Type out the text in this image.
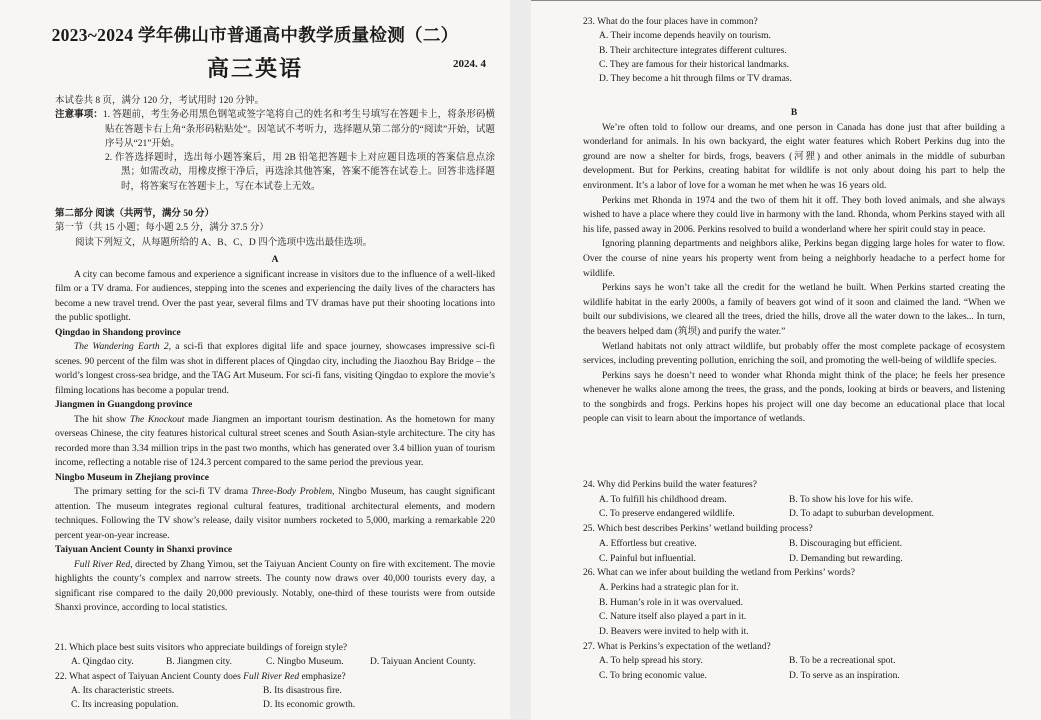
2023~2024 学年佛山市普通高中教学质量检测（二）
高三英语	2024. 4

本试卷共 8 页，满分 120 分，考试用时 120 分钟。

注意事项：1. 答题前，考生务必用黑色钢笔或签字笔将自己的姓名和考生号填写在答题卡上，将条形码横贴在答题卡右上角“条形码粘贴处”。因笔试不考听力，选择题从第二部分的“阅读”开始，试题序号从“21”开始。

2. 作答选择题时，选出每小题答案后，用 2B 铅笔把答题卡上对应题目选项的答案信息点涂黑；如需改动，用橡皮擦干净后，再选涂其他答案，答案不能答在试卷上。回答非选择题时，将答案写在答题卡上，写在本试卷上无效。

第二部分 阅读（共两节，满分 50 分）

第一节（共 15 小题；每小题 2.5 分，满分 37.5 分）

阅读下列短文，从每题所给的 A、B、C、D 四个选项中选出最佳选项。

A

A city can become famous and experience a significant increase in visitors due to the influence of a well-liked film or a TV drama. For audiences, stepping into the scenes and experiencing the daily lives of the characters has become a new travel trend. Over the past year, several films and TV dramas have put their shooting locations into the public spotlight.

Qingdao in Shandong province

The Wandering Earth 2, a sci-fi that explores digital life and space journey, showcases impressive sci-fi scenes. 90 percent of the film was shot in different places of Qingdao city, including the Jiaozhou Bay Bridge – the world’s longest cross-sea bridge, and the TAG Art Museum. For sci-fi fans, visiting Qingdao to explore the movie’s filming locations has become a popular trend.

Jiangmen in Guangdong province

The hit show The Knockout made Jiangmen an important tourism destination. As the hometown for many overseas Chinese, the city features historical cultural street scenes and South Asian-style architecture. The city has recorded more than 3.34 million trips in the past two months, which has generated over 3.4 billion yuan of tourism income, reflecting a notable rise of 124.3 percent compared to the same period the previous year.

Ningbo Museum in Zhejiang province

The primary setting for the sci-fi TV drama Three-Body Problem, Ningbo Museum, has caught significant attention. The museum integrates regional cultural features, traditional architectural elements, and modern techniques. Following the TV show’s release, daily visitor numbers rocketed to 5,000, marking a remarkable 220 percent year-on-year increase.

Taiyuan Ancient County in Shanxi province

Full River Red, directed by Zhang Yimou, set the Taiyuan Ancient County on fire with excitement. The movie highlights the county’s complex and narrow streets. The county now draws over 40,000 tourists every day, a significant rise compared to the daily 20,000 previously. Notably, one-third of these tourists were from outside Shanxi province, according to local statistics.

21. Which place best suits visitors who appreciate buildings of foreign style?

A. Qingdao city.	B. Jiangmen city.	C. Ningbo Museum.	D. Taiyuan Ancient County.

22. What aspect of Taiyuan Ancient County does Full River Red emphasize?

A. Its characteristic streets.	B. Its disastrous fire.
C. Its increasing population.	D. Its economic growth.

23. What do the four places have in common?

A. Their income depends heavily on tourism.

B. Their architecture integrates different cultures.

C. They are famous for their historical landmarks.

D. They become a hit through films or TV dramas.

B

We’re often told to follow our dreams, and one person in Canada has done just that after building a wonderland for animals. In his own backyard, the eight water features which Robert Perkins dug into the ground are now a shelter for birds, frogs, beavers (河狸) and other animals in the middle of suburban development. But for Perkins, creating habitat for wildlife is not only about doing his part to help the environment. It’s a labor of love for a woman he met when he was 16 years old.

Perkins met Rhonda in 1974 and the two of them hit it off. They both loved animals, and she always wished to have a place where they could live in harmony with the land. Rhonda, whom Perkins stayed with all his life, passed away in 2006. Perkins resolved to build a wonderland where her spirit could stay in peace.

Ignoring planning departments and neighbors alike, Perkins began digging large holes for water to flow. Over the course of nine years his property went from being a neighborly headache to a perfect home for wildlife.

Perkins says he won’t take all the credit for the wetland he built. When Perkins started creating the wildlife habitat in the early 2000s, a family of beavers got wind of it soon and claimed the land. “When we built our subdivisions, we cleared all the trees, dried the hills, drove all the water down to the lakes... In turn, the beavers helped dam (筑坝) and purify the water.”

Wetland habitats not only attract wildlife, but probably offer the most complete package of ecosystem services, including preventing pollution, enriching the soil, and promoting the well-being of wildlife species.

Perkins says he doesn’t need to wonder what Rhonda might think of the place; he feels her presence whenever he walks alone among the trees, the grass, and the ponds, looking at birds or beavers, and listening to the songbirds and frogs. Perkins hopes his project will one day become an educational place that local people can visit to learn about the importance of wetlands.

24. Why did Perkins build the water features?

A. To fulfill his childhood dream.	B. To show his love for his wife.
C. To preserve endangered wildlife.	D. To adapt to suburban development.

25. Which best describes Perkins’ wetland building process?

A. Effortless but creative.	B. Discouraging but efficient.
C. Painful but influential.	D. Demanding but rewarding.

26. What can we infer about building the wetland from Perkins’ words?

A. Perkins had a strategic plan for it.

B. Human’s role in it was overvalued.

C. Nature itself also played a part in it.

D. Beavers were invited to help with it.

27. What is Perkins’s expectation of the wetland?

A. To help spread his story.	B. To be a recreational spot.
C. To bring economic value.	D. To serve as an inspiration.
